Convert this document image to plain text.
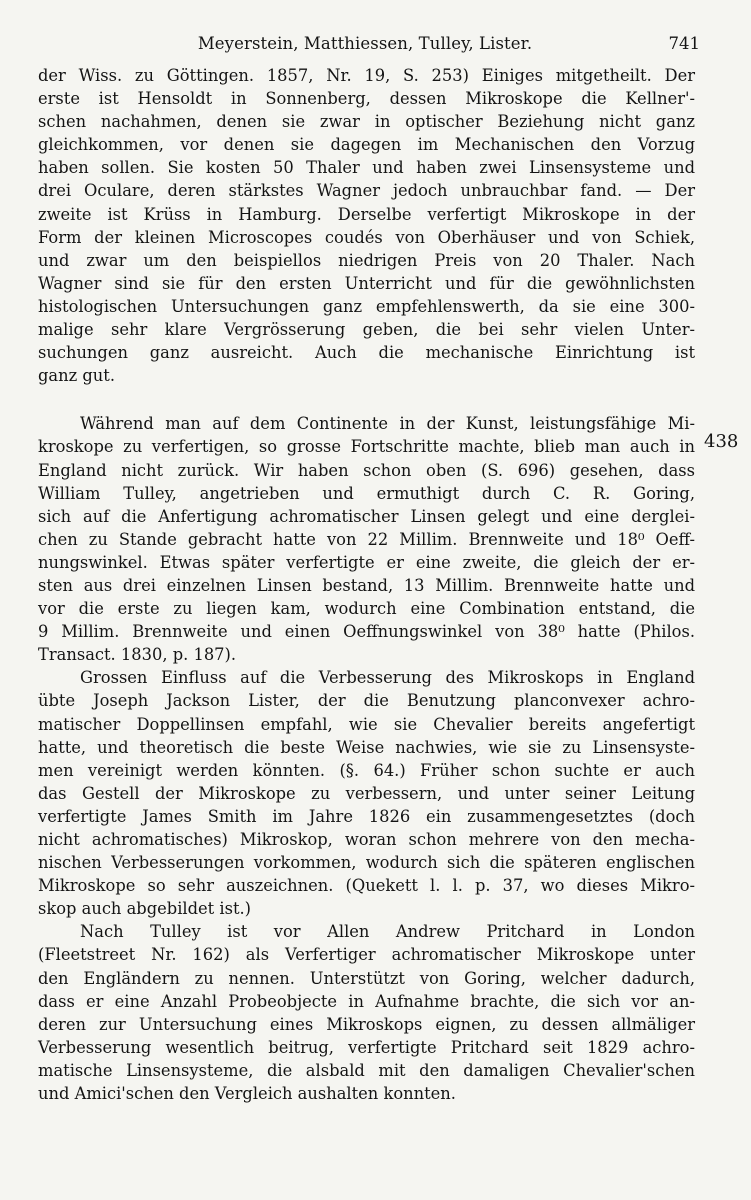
Meyerstein, Matthiessen, Tulley, Lister.	741
438
der Wiss. zu Göttingen. 1857, Nr. 19, S. 253) Einiges mitgetheilt. Der
erste ist Hensoldt in Sonnenberg, dessen Mikroskope die Kellner'-
schen nachahmen, denen sie zwar in optischer Beziehung nicht ganz
gleichkommen, vor denen sie dagegen im Mechanischen den Vorzug
haben sollen. Sie kosten 50 Thaler und haben zwei Linsensysteme und
drei Oculare, deren stärkstes Wagner jedoch unbrauchbar fand. — Der
zweite ist Krüss in Hamburg. Derselbe verfertigt Mikroskope in der
Form der kleinen Microscopes coudés von Oberhäuser und von Schiek,
und zwar um den beispiellos niedrigen Preis von 20 Thaler. Nach
Wagner sind sie für den ersten Unterricht und für die gewöhnlichsten
histologischen Untersuchungen ganz empfehlenswerth, da sie eine 300-
malige sehr klare Vergrösserung geben, die bei sehr vielen Unter-
suchungen ganz ausreicht. Auch die mechanische Einrichtung ist
ganz gut.
Während man auf dem Continente in der Kunst, leistungsfähige Mi-
kroskope zu verfertigen, so grosse Fortschritte machte, blieb man auch in
England nicht zurück. Wir haben schon oben (S. 696) gesehen, dass
William Tulley, angetrieben und ermuthigt durch C. R. Goring,
sich auf die Anfertigung achromatischer Linsen gelegt und eine derglei-
chen zu Stande gebracht hatte von 22 Millim. Brennweite und 18⁰ Oeff-
nungswinkel. Etwas später verfertigte er eine zweite, die gleich der er-
sten aus drei einzelnen Linsen bestand, 13 Millim. Brennweite hatte und
vor die erste zu liegen kam, wodurch eine Combination entstand, die
9 Millim. Brennweite und einen Oeffnungswinkel von 38⁰ hatte (Philos.
Transact. 1830, p. 187).
Grossen Einfluss auf die Verbesserung des Mikroskops in England
übte Joseph Jackson Lister, der die Benutzung planconvexer achro-
matischer Doppellinsen empfahl, wie sie Chevalier bereits angefertigt
hatte, und theoretisch die beste Weise nachwies, wie sie zu Linsensyste-
men vereinigt werden könnten. (§. 64.) Früher schon suchte er auch
das Gestell der Mikroskope zu verbessern, und unter seiner Leitung
verfertigte James Smith im Jahre 1826 ein zusammengesetztes (doch
nicht achromatisches) Mikroskop, woran schon mehrere von den mecha-
nischen Verbesserungen vorkommen, wodurch sich die späteren englischen
Mikroskope so sehr auszeichnen. (Quekett l. l. p. 37, wo dieses Mikro-
skop auch abgebildet ist.)
Nach Tulley ist vor Allen Andrew Pritchard in London
(Fleetstreet Nr. 162) als Verfertiger achromatischer Mikroskope unter
den Engländern zu nennen. Unterstützt von Goring, welcher dadurch,
dass er eine Anzahl Probeobjecte in Aufnahme brachte, die sich vor an-
deren zur Untersuchung eines Mikroskops eignen, zu dessen allmäliger
Verbesserung wesentlich beitrug, verfertigte Pritchard seit 1829 achro-
matische Linsensysteme, die alsbald mit den damaligen Chevalier'schen
und Amici'schen den Vergleich aushalten konnten.
